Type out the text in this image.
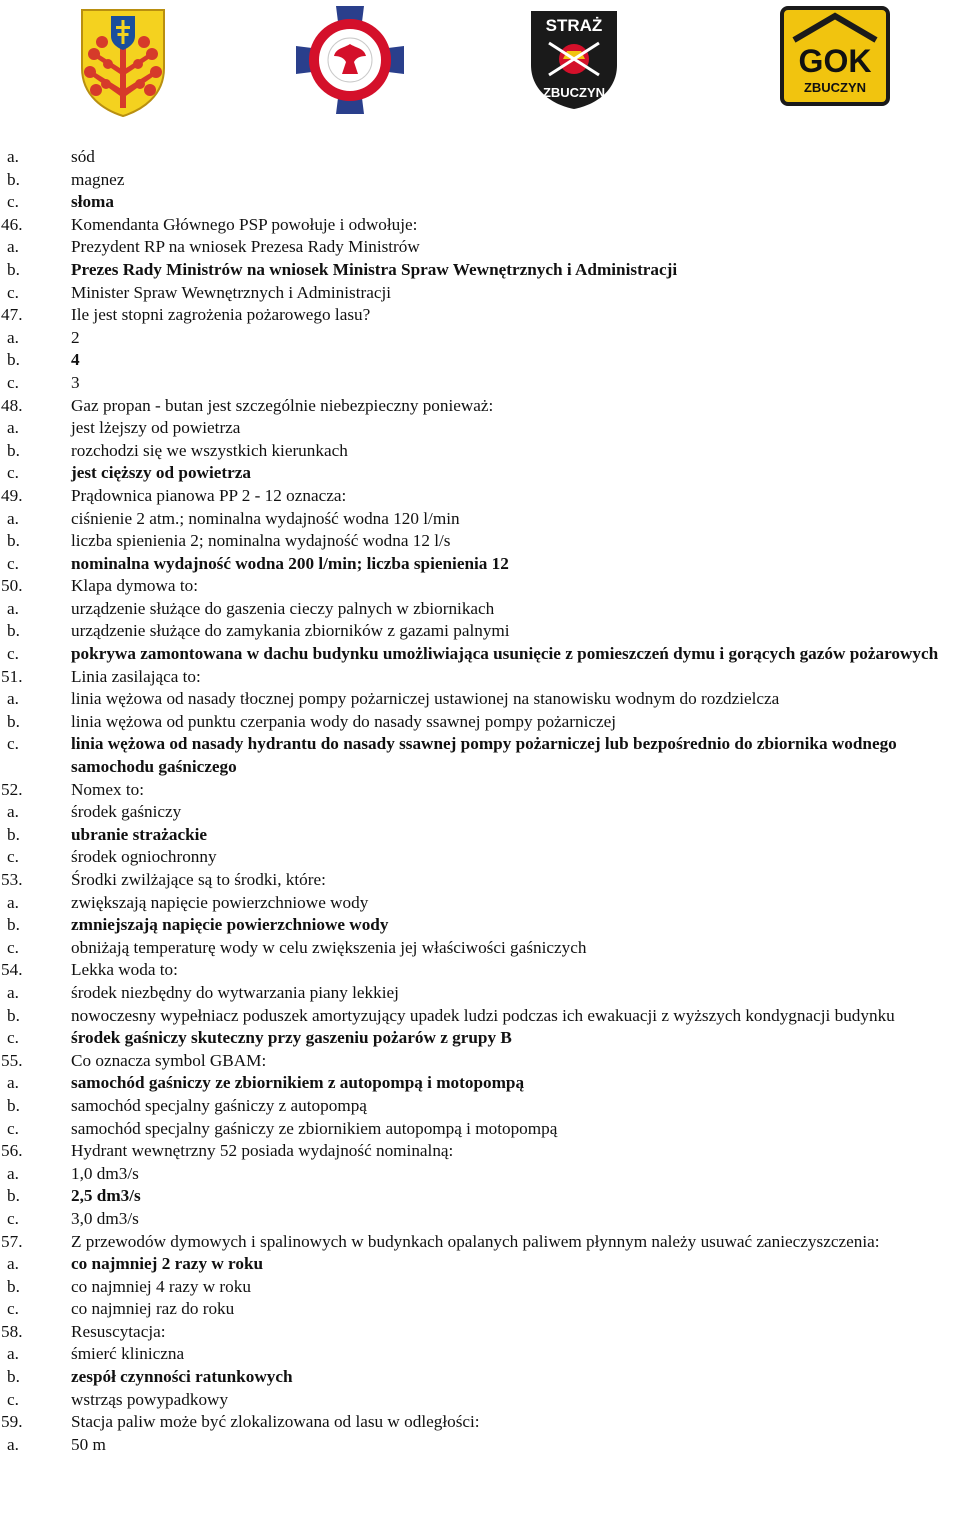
STRAŻ
ZBUCZYN
GOK
ZBUCZYN
a.	sód
b.	magnez
c.	słoma
46.	Komendanta Głównego PSP powołuje i odwołuje:
a.	Prezydent RP na wniosek Prezesa Rady Ministrów
b.	Prezes Rady Ministrów na wniosek Ministra Spraw Wewnętrznych i Administracji
c.	Minister Spraw Wewnętrznych i Administracji
47.	Ile jest stopni zagrożenia pożarowego lasu?
a.	2
b.	4
c.	3
48.	Gaz propan - butan jest szczególnie niebezpieczny ponieważ:
a.	jest lżejszy od powietrza
b.	rozchodzi się we wszystkich kierunkach
c.	jest cięższy od powietrza
49.	Prądownica pianowa PP 2 - 12 oznacza:
a.	ciśnienie 2 atm.; nominalna wydajność wodna 120 l/min
b.	liczba spienienia 2; nominalna wydajność wodna 12 l/s
c.	nominalna wydajność wodna 200 l/min; liczba spienienia 12
50.	Klapa dymowa to:
a.	urządzenie służące do gaszenia cieczy palnych w zbiornikach
b.	urządzenie służące do zamykania zbiorników z gazami palnymi
c.	pokrywa zamontowana w dachu budynku umożliwiająca usunięcie z pomieszczeń dymu i gorących gazów pożarowych
51.	Linia zasilająca to:
a.	linia wężowa od nasady tłocznej pompy pożarniczej ustawionej na stanowisku wodnym do rozdzielcza
b.	linia wężowa od punktu czerpania wody do nasady ssawnej pompy pożarniczej
c.	linia wężowa od nasady hydrantu do nasady ssawnej pompy pożarniczej lub bezpośrednio do zbiornika wodnego samochodu gaśniczego
52.	Nomex to:
a.	środek gaśniczy
b.	ubranie strażackie
c.	środek ogniochronny
53.	Środki zwilżające są to środki, które:
a.	zwiększają napięcie powierzchniowe wody
b.	zmniejszają napięcie powierzchniowe wody
c.	obniżają temperaturę wody w celu zwiększenia jej właściwości gaśniczych
54.	Lekka woda to:
a.	środek niezbędny do wytwarzania piany lekkiej
b.	nowoczesny wypełniacz poduszek amortyzujący upadek ludzi podczas ich ewakuacji z wyższych kondygnacji budynku
c.	środek gaśniczy skuteczny przy gaszeniu pożarów z grupy B
55.	Co oznacza symbol GBAM:
a.	samochód gaśniczy ze zbiornikiem z autopompą i motopompą
b.	samochód specjalny gaśniczy z autopompą
c.	samochód specjalny gaśniczy ze zbiornikiem autopompą i motopompą
56.	Hydrant wewnętrzny 52 posiada wydajność nominalną:
a.	1,0 dm3/s
b.	2,5 dm3/s
c.	3,0 dm3/s
57.	Z przewodów dymowych i spalinowych w budynkach opalanych paliwem płynnym należy usuwać zanieczyszczenia:
a.	co najmniej 2 razy w roku
b.	co najmniej 4 razy w roku
c.	co najmniej raz do roku
58.	Resuscytacja:
a.	śmierć kliniczna
b.	zespół czynności ratunkowych
c.	wstrząs powypadkowy
59.	Stacja paliw może być zlokalizowana od lasu w odległości:
a.	50 m
